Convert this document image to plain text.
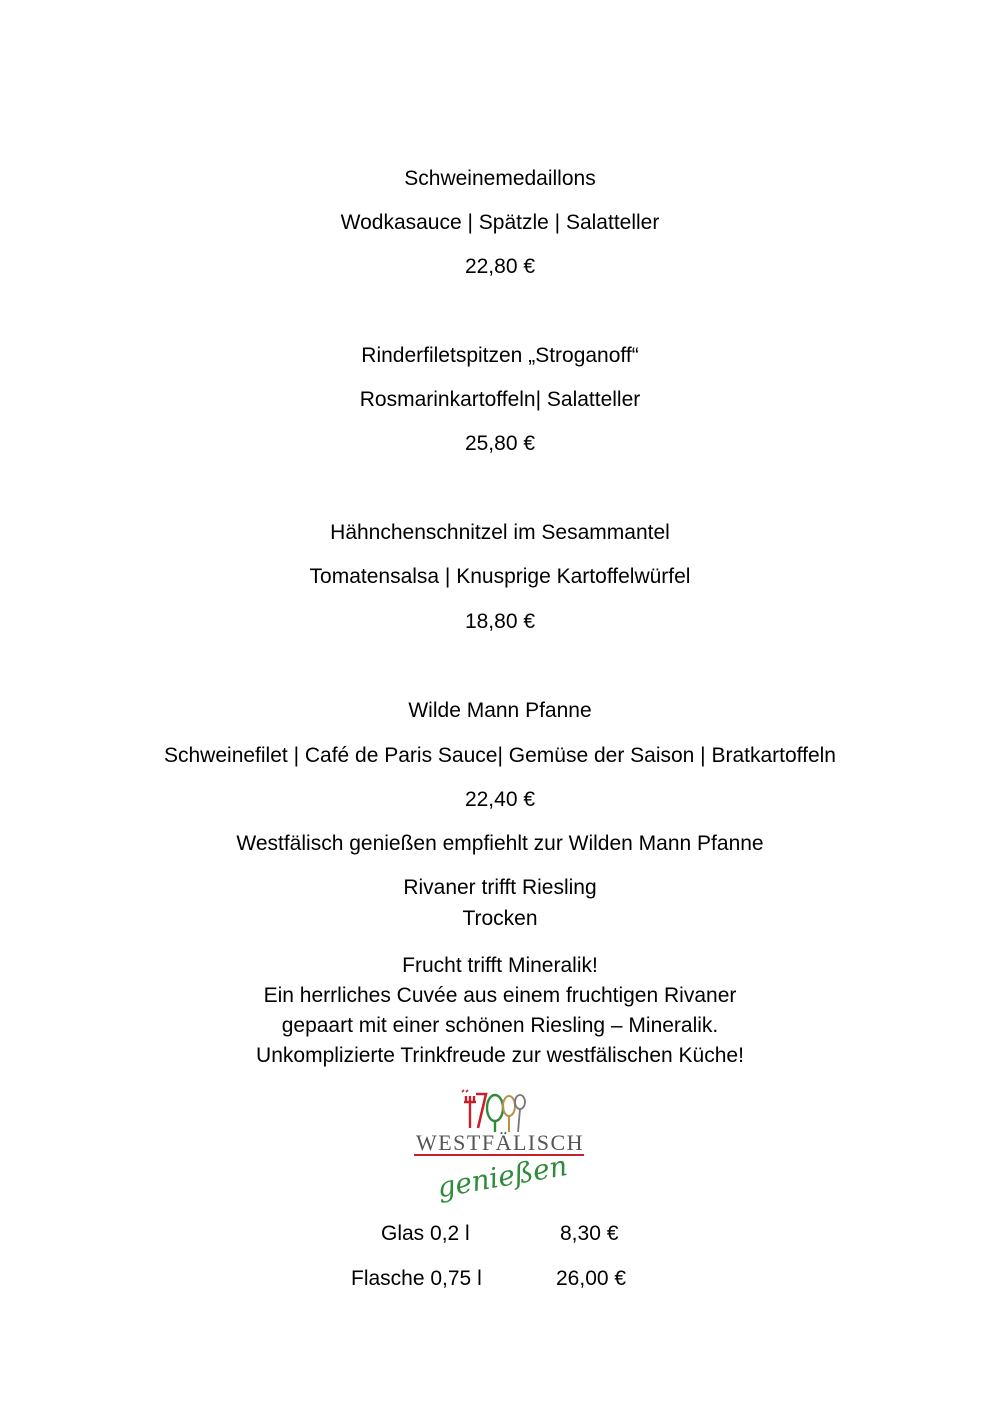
Schweinemedaillons
Wodkasauce | Spätzle | Salatteller
22,80 €
Rinderfiletspitzen „Stroganoff“
Rosmarinkartoffeln| Salatteller
25,80 €
Hähnchenschnitzel im Sesammantel
Tomatensalsa | Knusprige Kartoffelwürfel
18,80 €
Wilde Mann Pfanne
Schweinefilet | Café de Paris Sauce| Gemüse der Saison | Bratkartoffeln
22,40 €
Westfälisch genießen empfiehlt zur Wilden Mann Pfanne
Rivaner trifft Riesling
Trocken
Frucht trifft Mineralik!
Ein herrliches Cuvée aus einem fruchtigen Rivaner
gepaart mit einer schönen Riesling – Mineralik.
Unkomplizierte Trinkfreude zur westfälischen Küche!
WESTFÄLISCH
genießen
Glas 0,2 l	8,30 €
Flasche 0,75 l	26,00 €
